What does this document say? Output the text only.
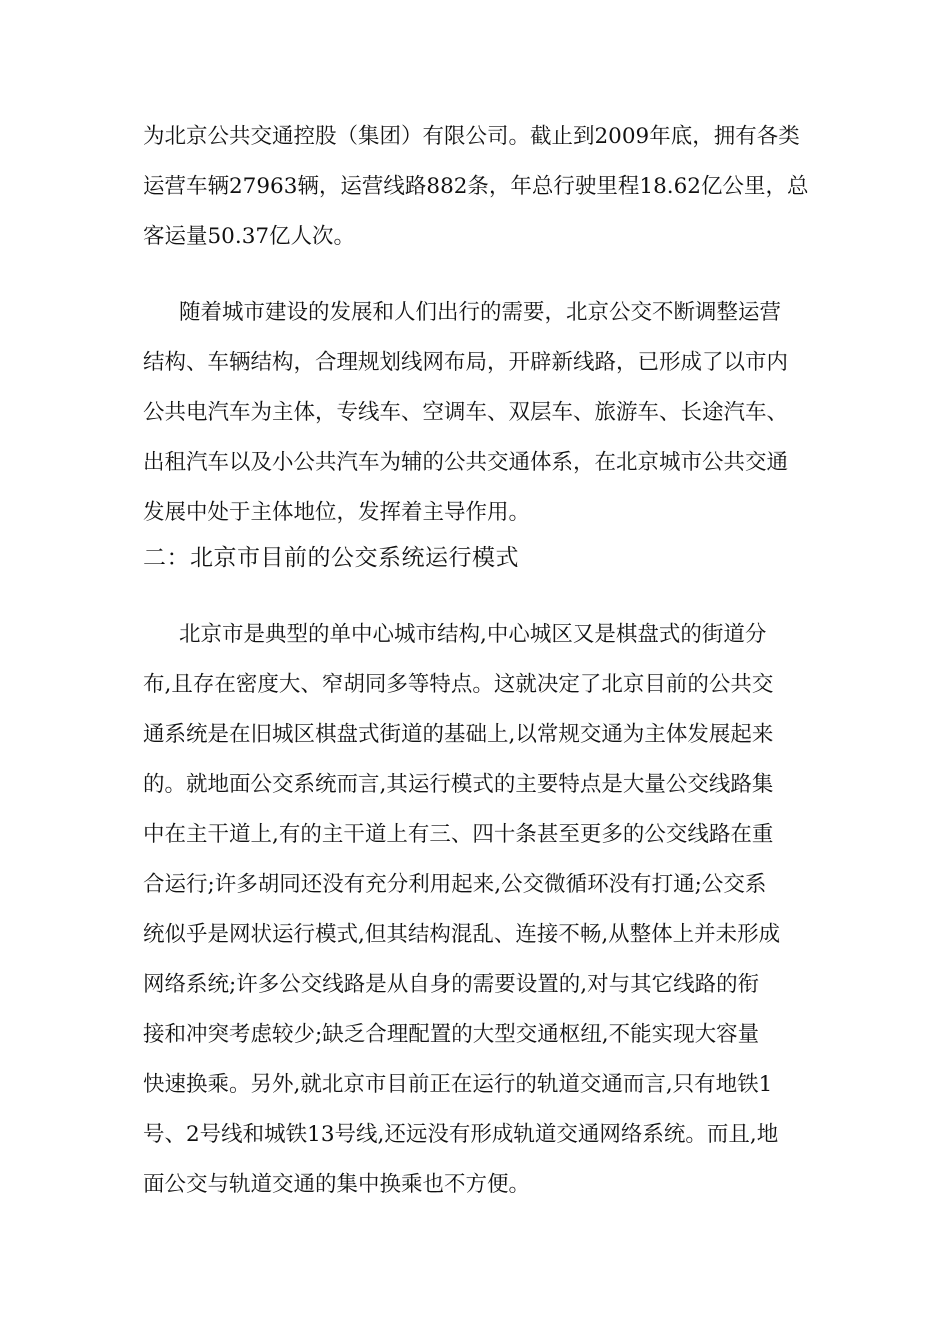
为北京公共交通控股（集团）有限公司。截止到2009年底，拥有各类
运营车辆27963辆，运营线路882条，年总行驶里程18.62亿公里，总
客运量50.37亿人次。
随着城市建设的发展和人们出行的需要，北京公交不断调整运营
结构、车辆结构，合理规划线网布局，开辟新线路，已形成了以市内
公共电汽车为主体，专线车、空调车、双层车、旅游车、长途汽车、
出租汽车以及小公共汽车为辅的公共交通体系，在北京城市公共交通
发展中处于主体地位，发挥着主导作用。
二：北京市目前的公交系统运行模式
北京市是典型的单中心城市结构,中心城区又是棋盘式的街道分
布,且存在密度大、窄胡同多等特点。这就决定了北京目前的公共交
通系统是在旧城区棋盘式街道的基础上,以常规交通为主体发展起来
的。就地面公交系统而言,其运行模式的主要特点是大量公交线路集
中在主干道上,有的主干道上有三、四十条甚至更多的公交线路在重
合运行;许多胡同还没有充分利用起来,公交微循环没有打通;公交系
统似乎是网状运行模式,但其结构混乱、连接不畅,从整体上并未形成
网络系统;许多公交线路是从自身的需要设置的,对与其它线路的衔
接和冲突考虑较少;缺乏合理配置的大型交通枢纽,不能实现大容量
快速换乘。另外,就北京市目前正在运行的轨道交通而言,只有地铁1
号、2号线和城铁13号线,还远没有形成轨道交通网络系统。而且,地
面公交与轨道交通的集中换乘也不方便。
